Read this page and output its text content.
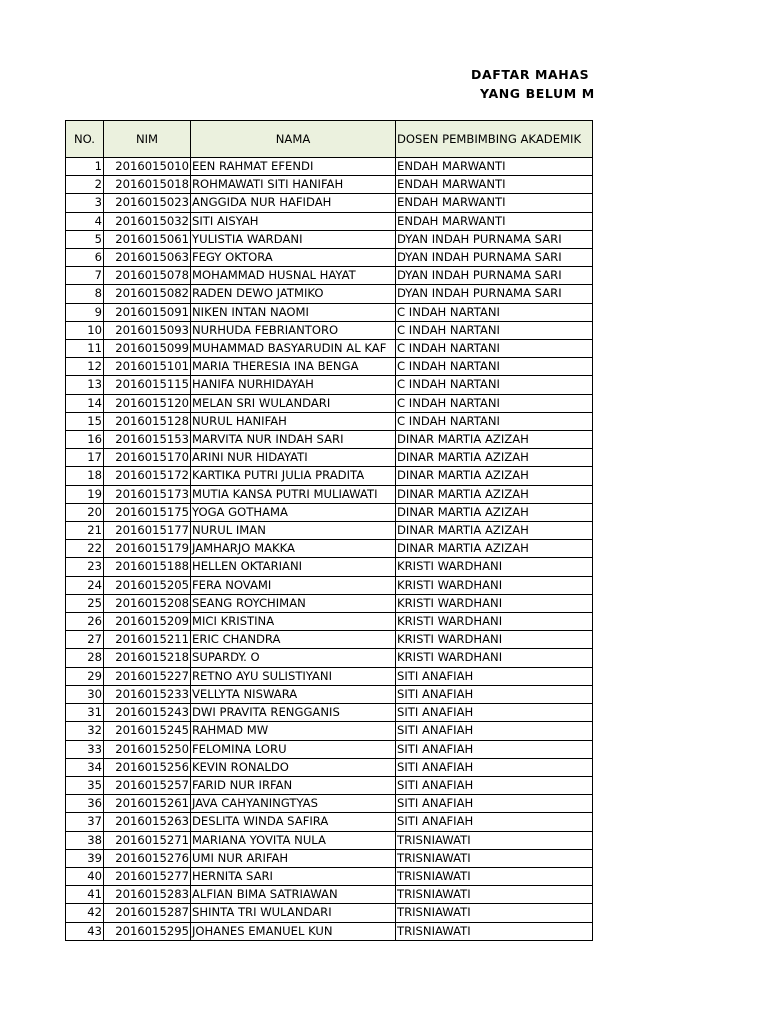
DAFTAR MAHAS
YANG BELUM M
NO.	NIM	NAMA	DOSEN PEMBIMBING AKADEMIK
1	2016015010	EEN RAHMAT EFENDI	ENDAH MARWANTI
2	2016015018	ROHMAWATI SITI HANIFAH	ENDAH MARWANTI
3	2016015023	ANGGIDA NUR HAFIDAH	ENDAH MARWANTI
4	2016015032	SITI AISYAH	ENDAH MARWANTI
5	2016015061	YULISTIA WARDANI	DYAN INDAH PURNAMA SARI
6	2016015063	FEGY OKTORA	DYAN INDAH PURNAMA SARI
7	2016015078	MOHAMMAD HUSNAL HAYAT	DYAN INDAH PURNAMA SARI
8	2016015082	RADEN DEWO JATMIKO	DYAN INDAH PURNAMA SARI
9	2016015091	NIKEN INTAN NAOMI	C INDAH NARTANI
10	2016015093	NURHUDA FEBRIANTORO	C INDAH NARTANI
11	2016015099	MUHAMMAD BASYARUDIN AL KAF	C INDAH NARTANI
12	2016015101	MARIA THERESIA INA BENGA	C INDAH NARTANI
13	2016015115	HANIFA NURHIDAYAH	C INDAH NARTANI
14	2016015120	MELAN SRI WULANDARI	C INDAH NARTANI
15	2016015128	NURUL HANIFAH	C INDAH NARTANI
16	2016015153	MARVITA NUR INDAH SARI	DINAR MARTIA AZIZAH
17	2016015170	ARINI NUR HIDAYATI	DINAR MARTIA AZIZAH
18	2016015172	KARTIKA PUTRI JULIA PRADITA	DINAR MARTIA AZIZAH
19	2016015173	MUTIA KANSA PUTRI MULIAWATI	DINAR MARTIA AZIZAH
20	2016015175	YOGA GOTHAMA	DINAR MARTIA AZIZAH
21	2016015177	NURUL IMAN	DINAR MARTIA AZIZAH
22	2016015179	JAMHARJO MAKKA	DINAR MARTIA AZIZAH
23	2016015188	HELLEN OKTARIANI	KRISTI WARDHANI
24	2016015205	FERA NOVAMI	KRISTI WARDHANI
25	2016015208	SEANG ROYCHIMAN	KRISTI WARDHANI
26	2016015209	MICI KRISTINA	KRISTI WARDHANI
27	2016015211	ERIC CHANDRA	KRISTI WARDHANI
28	2016015218	SUPARDY. O	KRISTI WARDHANI
29	2016015227	RETNO AYU SULISTIYANI	SITI ANAFIAH
30	2016015233	VELLYTA NISWARA	SITI ANAFIAH
31	2016015243	DWI PRAVITA RENGGANIS	SITI ANAFIAH
32	2016015245	RAHMAD MW	SITI ANAFIAH
33	2016015250	FELOMINA LORU	SITI ANAFIAH
34	2016015256	KEVIN RONALDO	SITI ANAFIAH
35	2016015257	FARID NUR IRFAN	SITI ANAFIAH
36	2016015261	JAVA CAHYANINGTYAS	SITI ANAFIAH
37	2016015263	DESLITA WINDA SAFIRA	SITI ANAFIAH
38	2016015271	MARIANA YOVITA NULA	TRISNIAWATI
39	2016015276	UMI NUR ARIFAH	TRISNIAWATI
40	2016015277	HERNITA SARI	TRISNIAWATI
41	2016015283	ALFIAN BIMA SATRIAWAN	TRISNIAWATI
42	2016015287	SHINTA TRI WULANDARI	TRISNIAWATI
43	2016015295	JOHANES EMANUEL KUN	TRISNIAWATI
